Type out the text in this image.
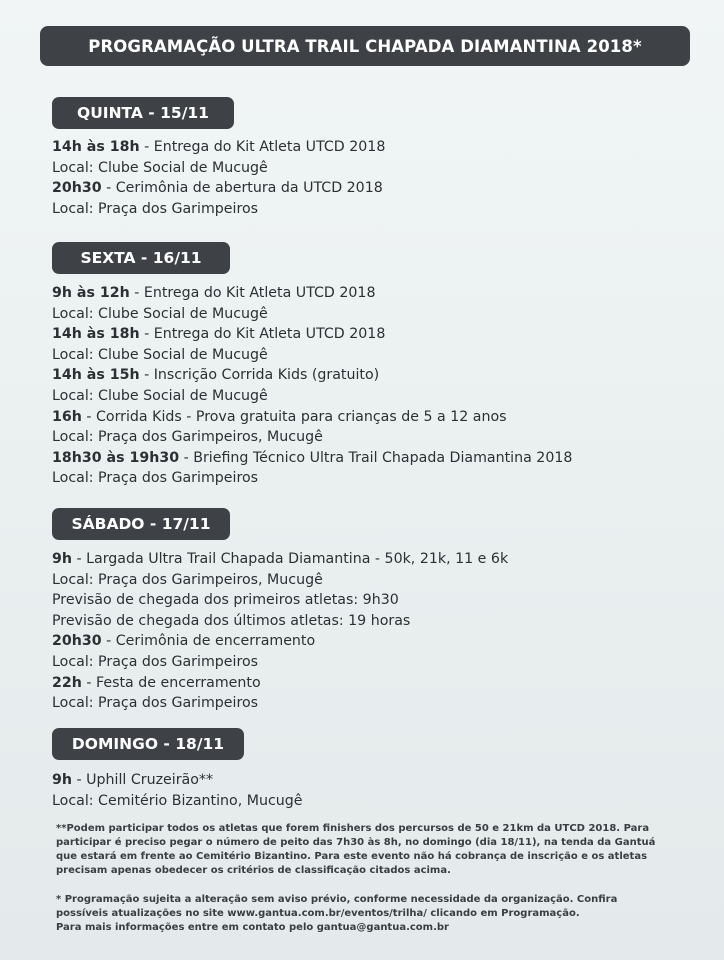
PROGRAMAÇÃO ULTRA TRAIL CHAPADA DIAMANTINA 2018*
QUINTA - 15/11
14h às 18h - Entrega do Kit Atleta UTCD 2018
Local: Clube Social de Mucugê
20h30 - Cerimônia de abertura da UTCD 2018
Local: Praça dos Garimpeiros
SEXTA - 16/11
9h às 12h - Entrega do Kit Atleta UTCD 2018
Local: Clube Social de Mucugê
14h às 18h - Entrega do Kit Atleta UTCD 2018
Local: Clube Social de Mucugê
14h às 15h - Inscrição Corrida Kids (gratuito)
Local: Clube Social de Mucugê
16h - Corrida Kids - Prova gratuita para crianças de 5 a 12 anos
Local: Praça dos Garimpeiros, Mucugê
18h30 às 19h30 - Briefing Técnico Ultra Trail Chapada Diamantina 2018
Local: Praça dos Garimpeiros
SÁBADO - 17/11
9h - Largada Ultra Trail Chapada Diamantina - 50k, 21k, 11 e 6k
Local: Praça dos Garimpeiros, Mucugê
Previsão de chegada dos primeiros atletas: 9h30
Previsão de chegada dos últimos atletas: 19 horas
20h30 - Cerimônia de encerramento
Local: Praça dos Garimpeiros
22h - Festa de encerramento
Local: Praça dos Garimpeiros
DOMINGO - 18/11
9h - Uphill Cruzeirão**
Local: Cemitério Bizantino, Mucugê

**Podem participar todos os atletas que forem finishers dos percursos de 50 e 21km da UTCD 2018. Para

participar é preciso pegar o número de peito das 7h30 às 8h, no domingo (dia 18/11), na tenda da Gantuá

que estará em frente ao Cemitério Bizantino. Para este evento não há cobrança de inscrição e os atletas

precisam apenas obedecer os critérios de classificação citados acima.

* Programação sujeita a alteração sem aviso prévio, conforme necessidade da organização. Confira

possíveis atualizações no site www.gantua.com.br/eventos/trilha/ clicando em Programação.

Para mais informações entre em contato pelo gantua@gantua.com.br
